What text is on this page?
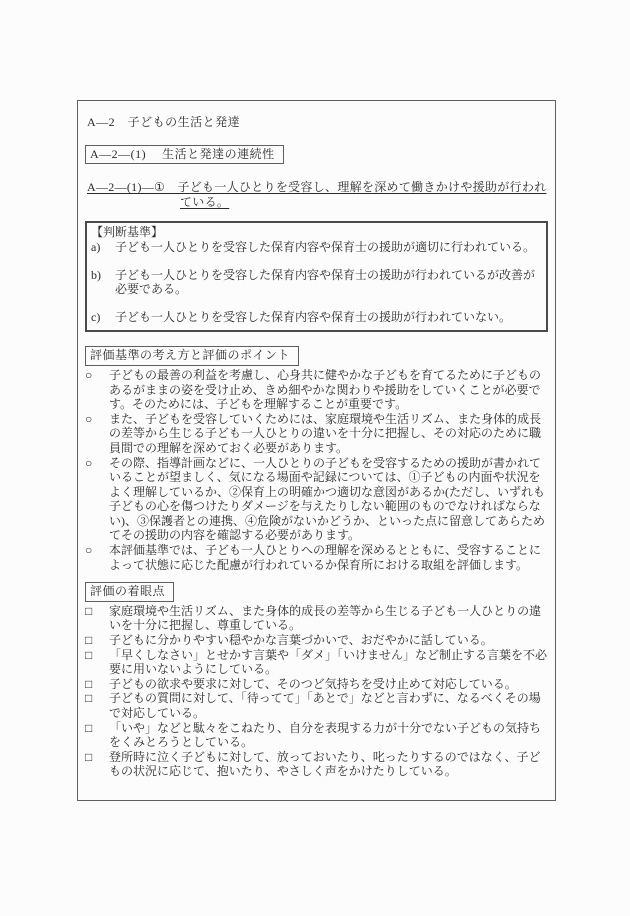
A―2　子どもの生活と発達
A―2―(1)　 生活と発達の連続性
A―2―(1)―①　子ども一人ひとりを受容し、理解を深めて働きかけや援助が行われている。
【判断基準】
a)	子ども一人ひとりを受容した保育内容や保育士の援助が適切に行われている。
b)	子ども一人ひとりを受容した保育内容や保育士の援助が行われているが改善が必要である。
c)	子ども一人ひとりを受容した保育内容や保育士の援助が行われていない。
評価基準の考え方と評価のポイント
○	子どもの最善の利益を考慮し、心身共に健やかな子どもを育てるために子どものあるがままの姿を受け止め、きめ細やかな関わりや援助をしていくことが必要です。そのためには、子どもを理解することが重要です。
○	また、子どもを受容していくためには、家庭環境や生活リズム、また身体的成長の差等から生じる子ども一人ひとりの違いを十分に把握し、その対応のために職員間での理解を深めておく必要があります。
○	その際、指導計画などに、一人ひとりの子どもを受容するための援助が書かれていることが望ましく、気になる場面や記録については、①子どもの内面や状況をよく理解しているか、②保育上の明確かつ適切な意図があるか(ただし、いずれも子どもの心を傷つけたりダメージを与えたりしない範囲のものでなければならない)、③保護者との連携、④危険がないかどうか、といった点に留意してあらためてその援助の内容を確認する必要があります。
○	本評価基準では、子ども一人ひとりへの理解を深めるとともに、受容することによって状態に応じた配慮が行われているか保育所における取組を評価します。
評価の着眼点
□	家庭環境や生活リズム、また身体的成長の差等から生じる子ども一人ひとりの違いを十分に把握し、尊重している。
□	子どもに分かりやすい穏やかな言葉づかいで、おだやかに話している。
□	「早くしなさい」とせかす言葉や「ダメ」「いけません」など制止する言葉を不必要に用いないようにしている。
□	子どもの欲求や要求に対して、そのつど気持ちを受け止めて対応している。
□	子どもの質問に対して、「待ってて」「あとで」などと言わずに、なるべくその場で対応している。
□	「いや」などと駄々をこねたり、自分を表現する力が十分でない子どもの気持ちをくみとろうとしている。
□	登所時に泣く子どもに対して、放っておいたり、叱ったりするのではなく、子どもの状況に応じて、抱いたり、やさしく声をかけたりしている。
